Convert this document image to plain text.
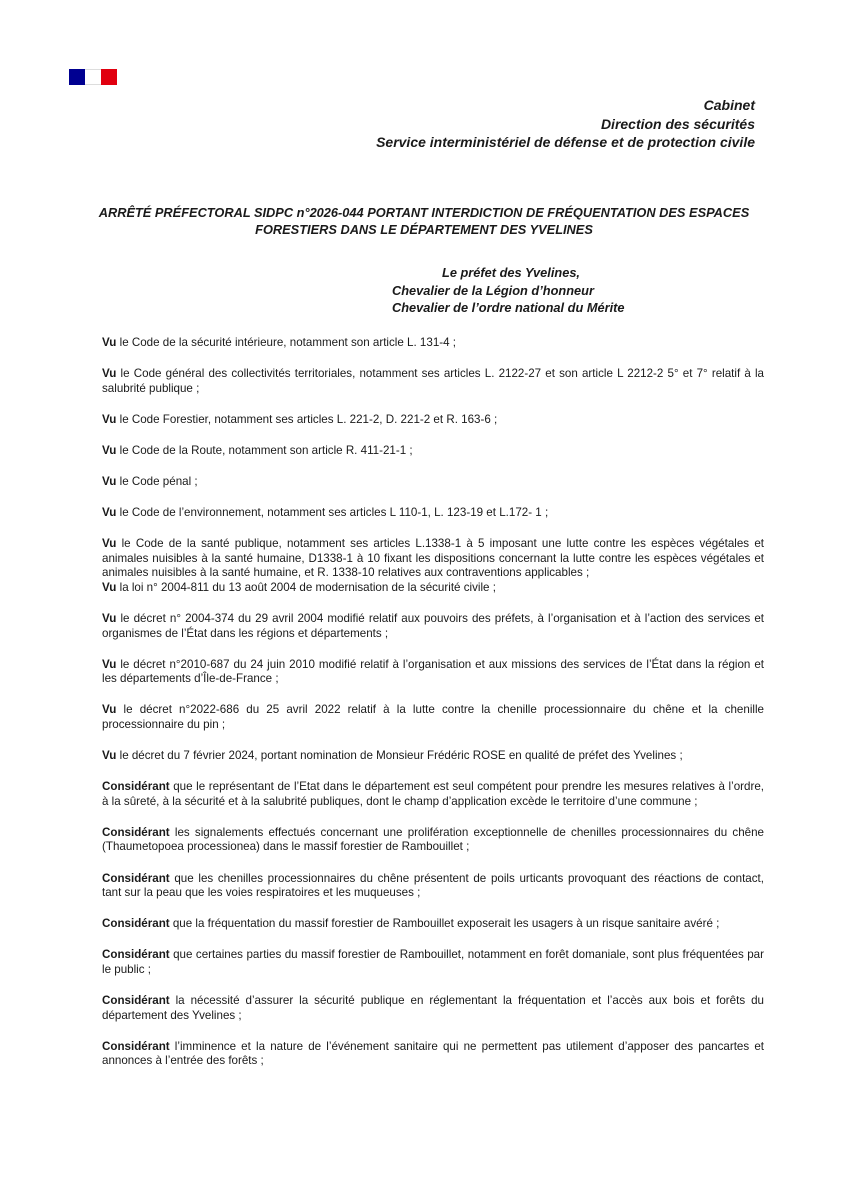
Cabinet
Direction des sécurités
Service interministériel de défense et de protection civile
ARRÊTÉ PRÉFECTORAL SIDPC n°2026-044 PORTANT INTERDICTION DE FRÉQUENTATION DES ESPACES
FORESTIERS DANS LE DÉPARTEMENT DES YVELINES
Le préfet des Yvelines,
Chevalier de la Légion d’honneur
Chevalier de l’ordre national du Mérite

Vu le Code de la sécurité intérieure, notamment son article L. 131-4 ;

Vu le Code général des collectivités territoriales, notamment ses articles L. 2122-27 et son article L 2212-2 5° et 7° relatif à la salubrité publique ;

Vu le Code Forestier, notamment ses articles L. 221-2, D. 221-2 et R. 163-6 ;

Vu le Code de la Route, notamment son article R. 411-21-1 ;

Vu le Code pénal ;

Vu le Code de l’environnement, notamment ses articles L 110-1, L. 123-19 et L.172- 1 ;

Vu le Code de la santé publique, notamment ses articles L.1338-1 à 5 imposant une lutte contre les espèces végétales et animales nuisibles à la santé humaine, D1338-1 à 10 fixant les dispositions concernant la lutte contre les espèces végétales et animales nuisibles à la santé humaine, et R. 1338-10 relatives aux contraventions applicables ;

Vu la loi n° 2004-811 du 13 août 2004 de modernisation de la sécurité civile ;

Vu le décret n° 2004-374 du 29 avril 2004 modifié relatif aux pouvoirs des préfets, à l’organisation et à l’action des services et organismes de l’État dans les régions et départements ;

Vu le décret n°2010-687 du 24 juin 2010 modifié relatif à l’organisation et aux missions des services de l’État dans la région et les départements d’Île-de-France ;

Vu le décret n°2022-686 du 25 avril 2022 relatif à la lutte contre la chenille processionnaire du chêne et la chenille processionnaire du pin ;

Vu le décret du 7 février 2024, portant nomination de Monsieur Frédéric ROSE en qualité de préfet des Yvelines ;

Considérant que le représentant de l’Etat dans le département est seul compétent pour prendre les mesures relatives à l’ordre, à la sûreté, à la sécurité et à la salubrité publiques, dont le champ d’application excède le territoire d’une commune ;

Considérant les signalements effectués concernant une prolifération exceptionnelle de chenilles processionnaires du chêne (Thaumetopoea processionea) dans le massif forestier de Rambouillet ;

Considérant que les chenilles processionnaires du chêne présentent de poils urticants provoquant des réactions de contact, tant sur la peau que les voies respiratoires et les muqueuses ;

Considérant que la fréquentation du massif forestier de Rambouillet exposerait les usagers à un risque sanitaire avéré ;

Considérant que certaines parties du massif forestier de Rambouillet, notamment en forêt domaniale, sont plus fréquentées par le public ;

Considérant la nécessité d’assurer la sécurité publique en réglementant la fréquentation et l’accès aux bois et forêts du département des Yvelines ;

Considérant l’imminence et la nature de l’événement sanitaire qui ne permettent pas utilement d’apposer des pancartes et annonces à l’entrée des forêts ;
